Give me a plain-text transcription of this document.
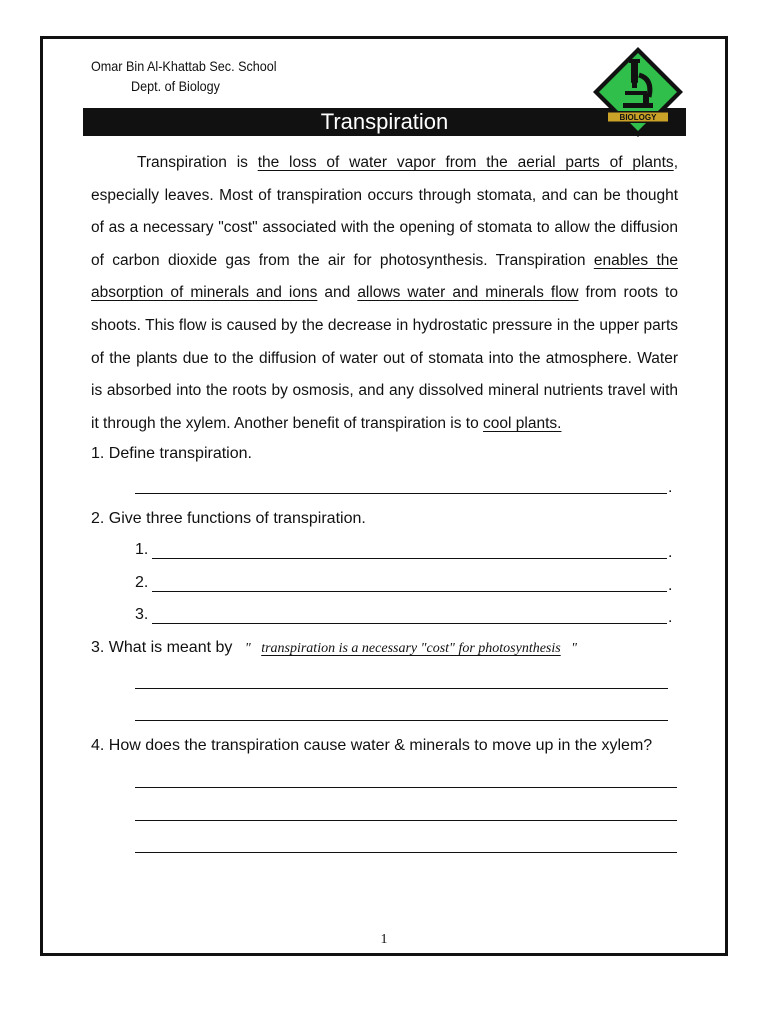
Omar Bin Al-Khattab Sec. School
Dept. of Biology
Transpiration	BIOLOGY
Transpiration is the loss of water vapor from the aerial parts of plants, especially leaves. Most of transpiration occurs through stomata, and can be thought of as a necessary "cost" associated with the opening of stomata to allow the diffusion of carbon dioxide gas from the air for photosynthesis. Transpiration enables the absorption of minerals and ions and allows water and minerals flow from roots to shoots. This flow is caused by the decrease in hydrostatic pressure in the upper parts of the plants due to the diffusion of water out of stomata into the atmosphere. Water is absorbed into the roots by osmosis, and any dissolved mineral nutrients travel with it through the xylem. Another benefit of transpiration is to cool plants.
1. Define transpiration.
.
2. Give three functions of transpiration.
1.	.
2.	.
3.	.
3. What is meant by " transpiration is a necessary "cost" for photosynthesis "
4. How does the transpiration cause water & minerals to move up in the xylem?
1
